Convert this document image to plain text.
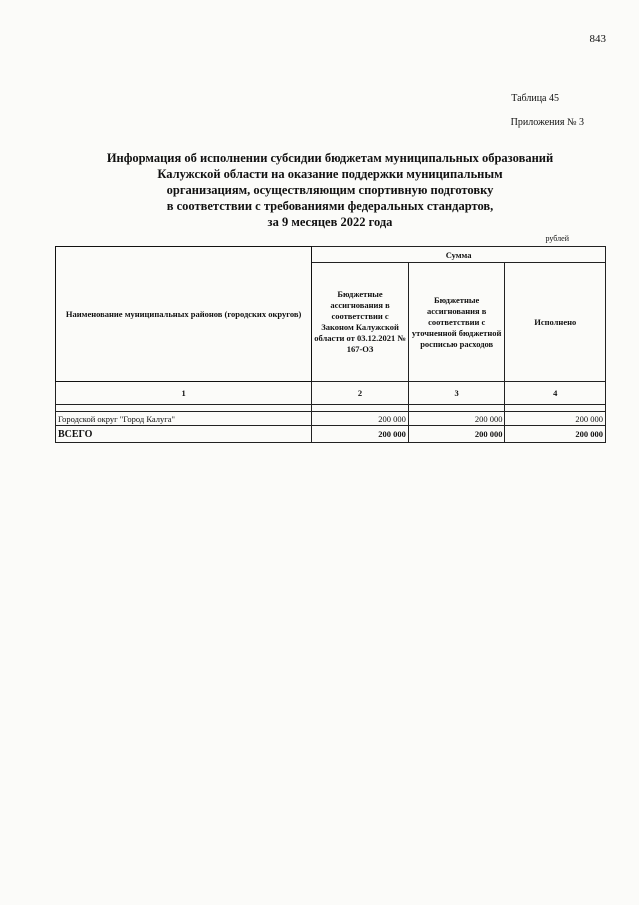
843
Таблица 45
Приложения № 3
Информация об исполнении субсидии бюджетам муниципальных образований
Калужской области на оказание поддержки муниципальным
организациям, осуществляющим спортивную подготовку
в соответствии с требованиями федеральных стандартов,
за 9 месяцев 2022 года
рублей
Наименование муниципальных районов (городских округов)	Сумма		
	Бюджетные ассигнования в соответствии с Законом Калужской области от 03.12.2021 № 167-ОЗ	Бюджетные ассигнования в соответствии с уточненной бюджетной росписью расходов	Исполнено
1	2	3	4

Городской округ "Город Калуга"	200 000	200 000	200 000
ВСЕГО	200 000	200 000	200 000
